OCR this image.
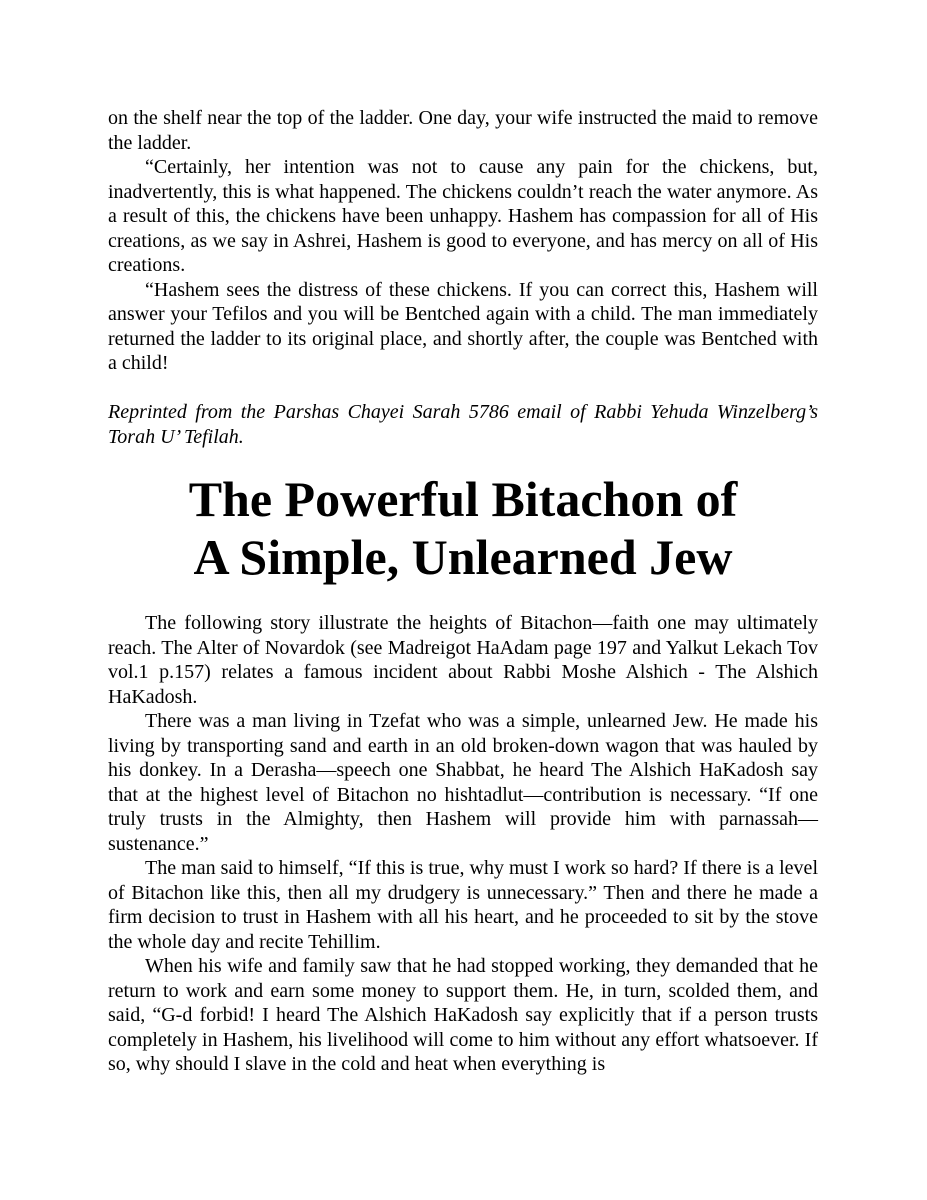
on the shelf near the top of the ladder. One day, your wife instructed the maid to remove the ladder.

“Certainly, her intention was not to cause any pain for the chickens, but, inadvertently, this is what happened. The chickens couldn’t reach the water anymore. As a result of this, the chickens have been unhappy. Hashem has compassion for all of His creations, as we say in Ashrei, Hashem is good to everyone, and has mercy on all of His creations.

“Hashem sees the distress of these chickens. If you can correct this, Hashem will answer your Tefilos and you will be Bentched again with a child. The man immediately returned the ladder to its original place, and shortly after, the couple was Bentched with a child!

Reprinted from the Parshas Chayei Sarah 5786 email of Rabbi Yehuda Winzelberg’s Torah U’ Tefilah.

The Powerful Bitachon of
A Simple, Unlearned Jew

The following story illustrate the heights of Bitachon—faith one may ultimately reach. The Alter of Novardok (see Madreigot HaAdam page 197 and Yalkut Lekach Tov vol.1 p.157) relates a famous incident about Rabbi Moshe Alshich - The Alshich HaKadosh.

There was a man living in Tzefat who was a simple, unlearned Jew. He made his living by transporting sand and earth in an old broken-down wagon that was hauled by his donkey. In a Derasha—speech one Shabbat, he heard The Alshich HaKadosh say that at the highest level of Bitachon no hishtadlut—contribution is necessary. “If one truly trusts in the Almighty, then Hashem will provide him with parnassah—sustenance.”

The man said to himself, “If this is true, why must I work so hard? If there is a level of Bitachon like this, then all my drudgery is unnecessary.” Then and there he made a firm decision to trust in Hashem with all his heart, and he proceeded to sit by the stove the whole day and recite Tehillim.

When his wife and family saw that he had stopped working, they demanded that he return to work and earn some money to support them. He, in turn, scolded them, and said, “G-d forbid! I heard The Alshich HaKadosh say explicitly that if a person trusts completely in Hashem, his livelihood will come to him without any effort whatsoever. If so, why should I slave in the cold and heat when everything is
